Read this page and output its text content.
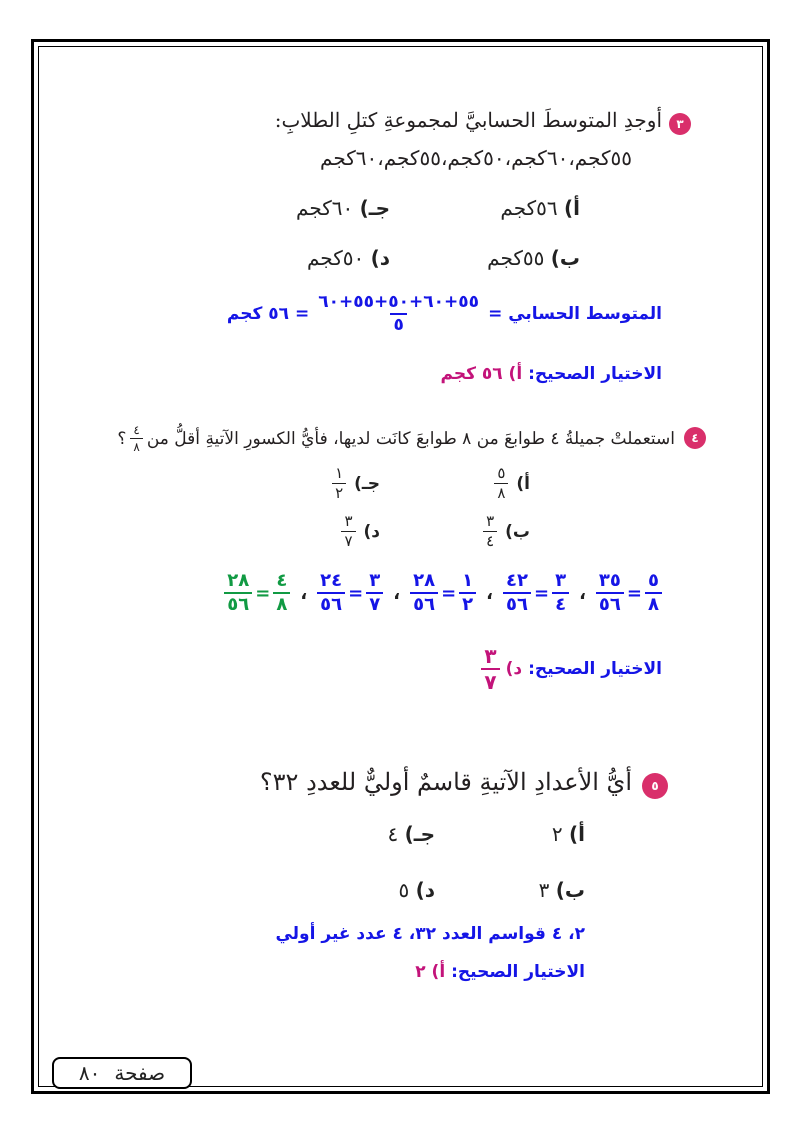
٣
أوجدِ المتوسطَ الحسابيَّ لمجموعةِ كتلِ الطلابِ:
٥٥كجم،٦٠كجم،٥٠كجم،٥٥كجم،٦٠كجم
أ) ٥٦كجم
جـ) ٦٠كجم
ب) ٥٥كجم
د) ٥٠كجم
المتوسط الحسابي =
$\frac{٥٥+٦٠+٥٠+٥٥+٦٠}{٥}$
= ٥٦ كجم
الاختيار الصحيح: أ) ٥٦ كجم
٤
استعملتْ جميلةُ ٤ طوابعَ من ٨ طوابعَ كانَت لديها، فأيُّ الكسورِ الآتيةِ أقلُّ من
$\frac{٤}{٨}$
؟
أ)
$\frac{٥}{٨}$
جـ)
$\frac{١}{٢}$
ب)
$\frac{٣}{٤}$
د)
$\frac{٣}{٧}$
$\frac{٥}{٨}$
=
$\frac{٣٥}{٥٦}$
،
$\frac{٣}{٤}$
=
$\frac{٤٢}{٥٦}$
،
$\frac{١}{٢}$
=
$\frac{٢٨}{٥٦}$
،
$\frac{٣}{٧}$
=
$\frac{٢٤}{٥٦}$
،
$\frac{٤}{٨}$
=
$\frac{٢٨}{٥٦}$
الاختيار الصحيح:
د)
$\frac{٣}{٧}$
٥
أيُّ الأعدادِ الآتيةِ قاسمٌ أوليٌّ للعددِ ٣٢؟
أ) ٢
جـ) ٤
ب) ٣
د) ٥
٢، ٤ قواسم العدد ٣٢، ٤ عدد غير أولي
الاختيار الصحيح: أ) ٢
صفحة
٨٠
